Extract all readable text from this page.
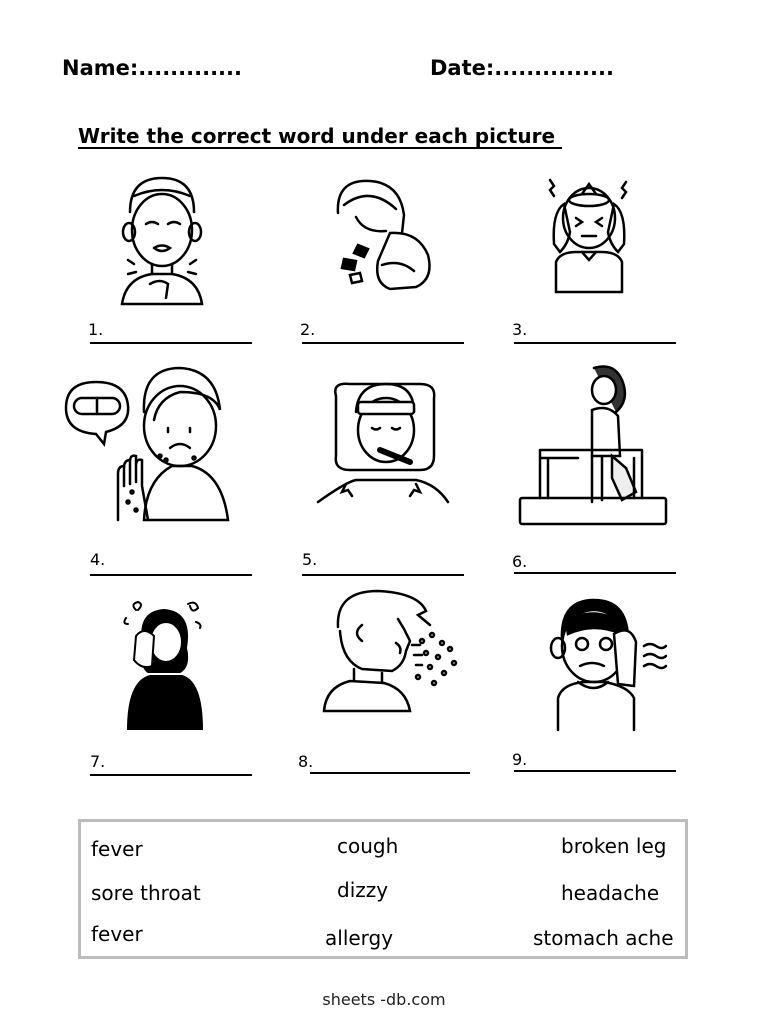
Name:.............	Date:...............
Write the correct word under each picture
1.	2.	3.
4.	5.	6.
7.	8.	9.
fever	cough	broken leg
sore throat	dizzy	headache
fever	allergy	stomach ache
sheets -db.com
